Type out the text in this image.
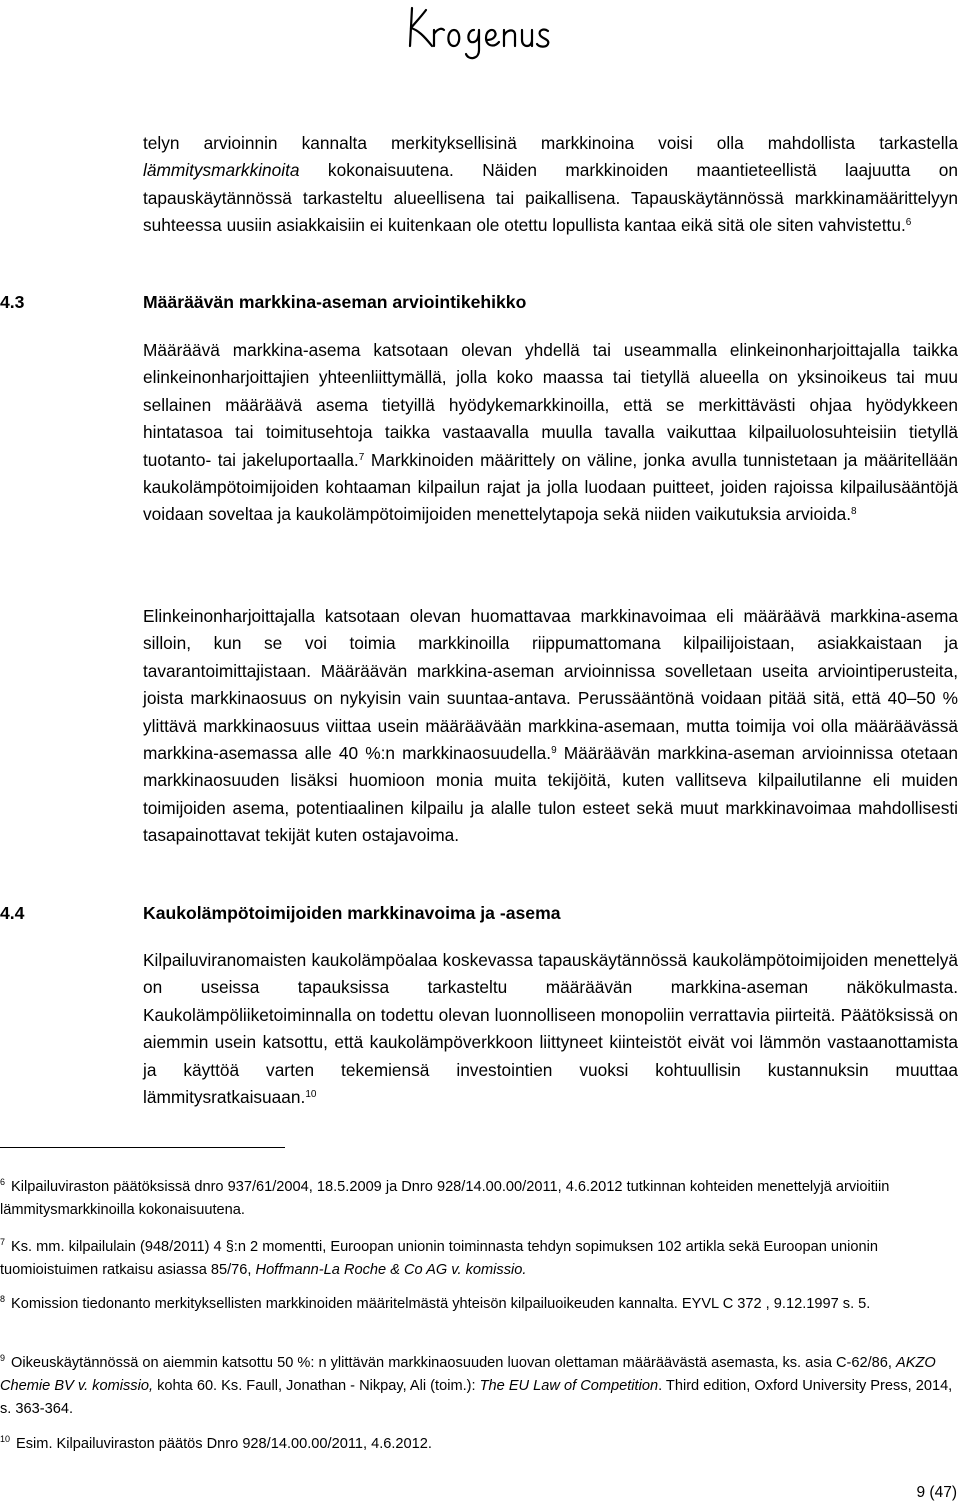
telyn arvioinnin kannalta merkityksellisinä markkinoina voisi olla mahdollista tarkastella lämmitysmarkkinoita kokonaisuutena. Näiden markkinoiden maantieteellistä laajuutta on tapauskäytännössä tarkasteltu alueellisena tai paikallisena. Tapauskäytännössä markkinamäärittelyyn suhteessa uusiin asiakkaisiin ei kuitenkaan ole otettu lopullista kantaa eikä sitä ole siten vahvistettu.$^6$

4.3	Määräävän markkina-aseman arviointikehikko

Määräävä markkina-asema katsotaan olevan yhdellä tai useammalla elinkeinonharjoittajalla taikka elinkeinonharjoittajien yhteenliittymällä, jolla koko maassa tai tietyllä alueella on yksinoikeus tai muu sellainen määräävä asema tietyillä hyödykemarkkinoilla, että se merkittävästi ohjaa hyödykkeen hintatasoa tai toimitusehtoja taikka vastaavalla muulla tavalla vaikuttaa kilpailuolosuhteisiin tietyllä tuotanto- tai jakeluportaalla.$^7$ Markkinoiden määrittely on väline, jonka avulla tunnistetaan ja määritellään kaukolämpötoimijoiden kohtaaman kilpailun rajat ja jolla luodaan puitteet, joiden rajoissa kilpailusääntöjä voidaan soveltaa ja kaukolämpötoimijoiden menettelytapoja sekä niiden vaikutuksia arvioida.$^8$

Elinkeinonharjoittajalla katsotaan olevan huomattavaa markkinavoimaa eli määräävä markkina-asema silloin, kun se voi toimia markkinoilla riippumattomana kilpailijoistaan, asiakkaistaan ja tavarantoimittajistaan. Määräävän markkina-aseman arvioinnissa sovelletaan useita arviointiperusteita, joista markkinaosuus on nykyisin vain suuntaa-antava. Perussääntönä voidaan pitää sitä, että 40–50 % ylittävä markkinaosuus viittaa usein määräävään markkina-asemaan, mutta toimija voi olla määräävässä markkina-asemassa alle 40 %:n markkinaosuudella.$^9$ Määräävän markkina-aseman arvioinnissa otetaan markkinaosuuden lisäksi huomioon monia muita tekijöitä, kuten vallitseva kilpailutilanne eli muiden toimijoiden asema, potentiaalinen kilpailu ja alalle tulon esteet sekä muut markkinavoimaa mahdollisesti tasapainottavat tekijät kuten ostajavoima.

4.4	Kaukolämpötoimijoiden markkinavoima ja -asema

Kilpailuviranomaisten kaukolämpöalaa koskevassa tapauskäytännössä kaukolämpötoimijoiden menettelyä on useissa tapauksissa tarkasteltu määräävän markkina-aseman näkökulmasta. Kaukolämpöliiketoiminnalla on todettu olevan luonnolliseen monopoliin verrattavia piirteitä. Päätöksissä on aiemmin usein katsottu, että kaukolämpöverkkoon liittyneet kiinteistöt eivät voi lämmön vastaanottamista ja käyttöä varten tekemiensä investointien vuoksi kohtuullisin kustannuksin muuttaa lämmitysratkaisuaan.$^{10}$

$^6$ Kilpailuviraston päätöksissä dnro 937/61/2004, 18.5.2009 ja Dnro 928/14.00.00/2011, 4.6.2012 tutkinnan kohteiden menettelyjä arvioitiin lämmitysmarkkinoilla kokonaisuutena.

$^7$ Ks. mm. kilpailulain (948/2011) 4 §:n 2 momentti, Euroopan unionin toiminnasta tehdyn sopimuksen 102 artikla sekä Euroopan unionin tuomioistuimen ratkaisu asiassa 85/76, Hoffmann-La Roche & Co AG v. komissio.

$^8$ Komission tiedonanto merkityksellisten markkinoiden määritelmästä yhteisön kilpailuoikeuden kannalta. EYVL C 372 , 9.12.1997 s. 5.

$^9$ Oikeuskäytännössä on aiemmin katsottu 50 %: n ylittävän markkinaosuuden luovan olettaman määräävästä asemasta, ks. asia C-62/86, AKZO Chemie BV v. komissio, kohta 60. Ks. Faull, Jonathan - Nikpay, Ali (toim.): The EU Law of Competition. Third edition, Oxford University Press, 2014, s. 363-364.

$^{10}$ Esim. Kilpailuviraston päätös Dnro 928/14.00.00/2011, 4.6.2012.

9 (47)
